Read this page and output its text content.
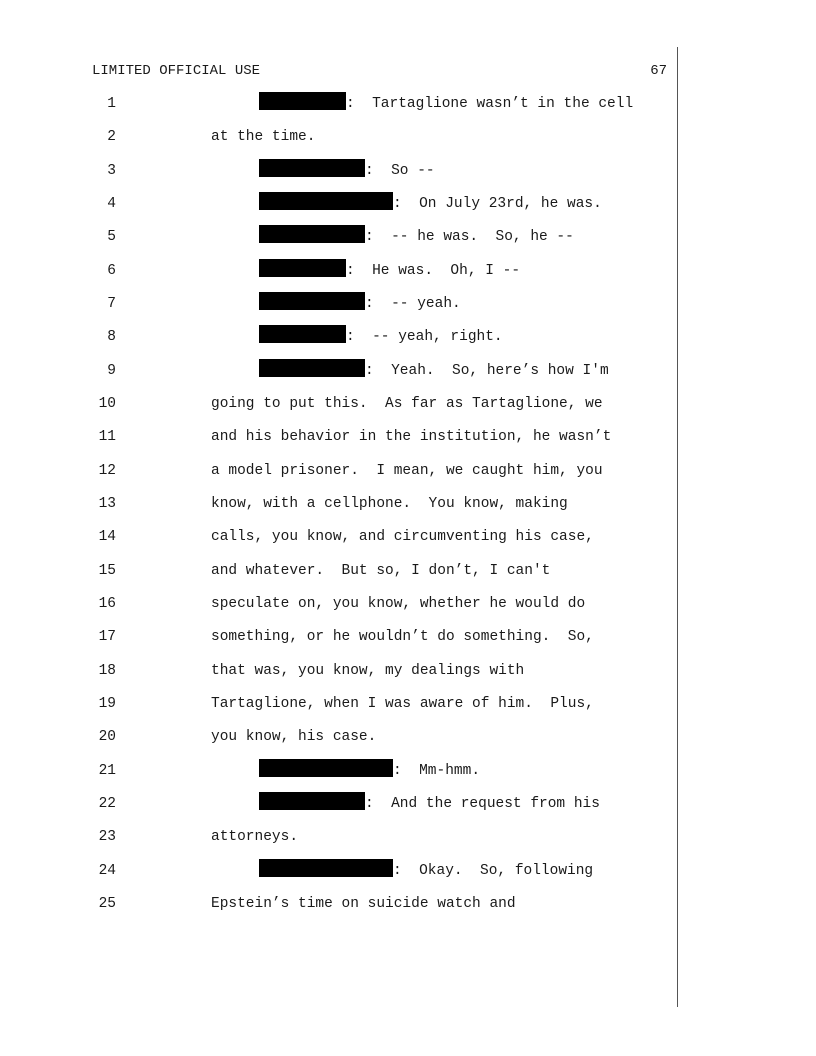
LIMITED OFFICIAL USE	67
1	:  Tartaglione wasn’t in the cell
2	at the time.
3	:  So --
4	:  On July 23rd, he was.
5	:  -- he was.  So, he --
6	:  He was.  Oh, I --
7	:  -- yeah.
8	:  -- yeah, right.
9	:  Yeah.  So, here’s how I'm
10	going to put this.  As far as Tartaglione, we
11	and his behavior in the institution, he wasn’t
12	a model prisoner.  I mean, we caught him, you
13	know, with a cellphone.  You know, making
14	calls, you know, and circumventing his case,
15	and whatever.  But so, I don’t, I can't
16	speculate on, you know, whether he would do
17	something, or he wouldn’t do something.  So,
18	that was, you know, my dealings with
19	Tartaglione, when I was aware of him.  Plus,
20	you know, his case.
21	:  Mm-hmm.
22	:  And the request from his
23	attorneys.
24	:  Okay.  So, following
25	Epstein’s time on suicide watch and
